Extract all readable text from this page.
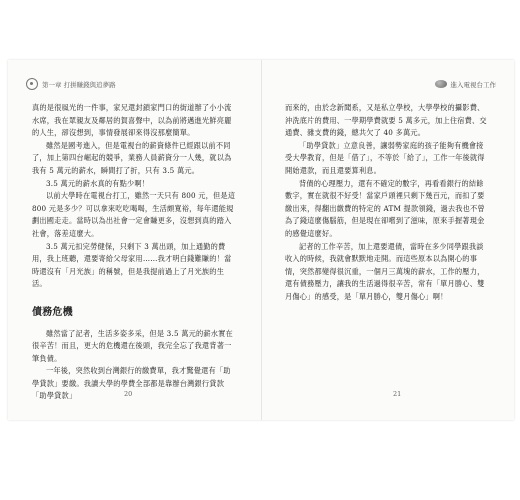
第一章 打拼賺錢與追夢路

真的是很風光的一件事，家兄還封鎖家門口的街道辦了小小流水席，我在眾親友及鄰居的賀喜聲中，以為前將邁進光鮮亮麗的人生，卻沒想到，事情發展卻來得沒那麼簡單。

雖然是國考進入，但是電視台的薪資條件已經跟以前不同了，加上第四台崛起的競爭，業務人員薪資分一人幾，就以為我有 5 萬元的薪水，瞬間打了折，只有 3.5 萬元。

3.5 萬元的薪水真的有點少啊！

以前大學時在電視台打工，雖然一天只有 800 元，但是這 800 元是多少？可以拿來吃吃喝喝，生活頗寬裕，每年還能規劃出國走走。當時以為出社會一定會賺更多，沒想到真的踏入社會，落差這麼大。

3.5 萬元扣完勞健保，只剩下 3 萬出頭，加上通勤的費用，我上班聽，還要寄給父母家用……我才明白錢難賺的！當時還沒有「月光族」的稱號，但是我提前過上了月光族的生活。

債務危機

雖然當了記者，生活多姿多采，但是 3.5 萬元的薪水實在很辛苦！而且，更大的危機還在後頭，我完全忘了我還背著一筆負債。

一年後，突然收到台灣銀行的繳費單，我才驚覺還有「助學貸款」要繳。我讀大學的學費全部都是靠辦台灣銀行貸款「助學貸款」	20
進入電視台工作

而來的，由於念新聞系，又是私立學校，大學學校的攝影費、沖洗底片的費用、一學期學費就要 5 萬多元，加上住宿費、交通費、雜支費的錢，總共欠了 40 多萬元。

「助學貸款」立意良善，讓弱勢家庭的孩子能夠有機會接受大學教育，但是「借了」，不等於「給了」，工作一年後就得開始還款，而且還要算利息。

背債的心理壓力，還有不確定的數字，再看看銀行的結餘數字，實在就很不好受！當家戶頭裡只剩下幾百元，而扣了要繳出來，得翻出繳費的特定的 ATM 提款領錢，過去我也不曾為了錢這麼傷腦筋，但是現在卻嚐到了滋味，原來手握著現金的感覺這麼好。

記者的工作辛苦，加上還要還債，當時在多少同學跟我談收入的時候，我就會默默地走開。而這些原本以為開心的事情，突然都變得很沉重，一個月三萬塊的薪水，工作的壓力，還有債務壓力，讓我的生活過得很辛苦，常有「單月勝心、雙月傷心」的感受，是「單月勝心，雙月傷心」啊！

21
